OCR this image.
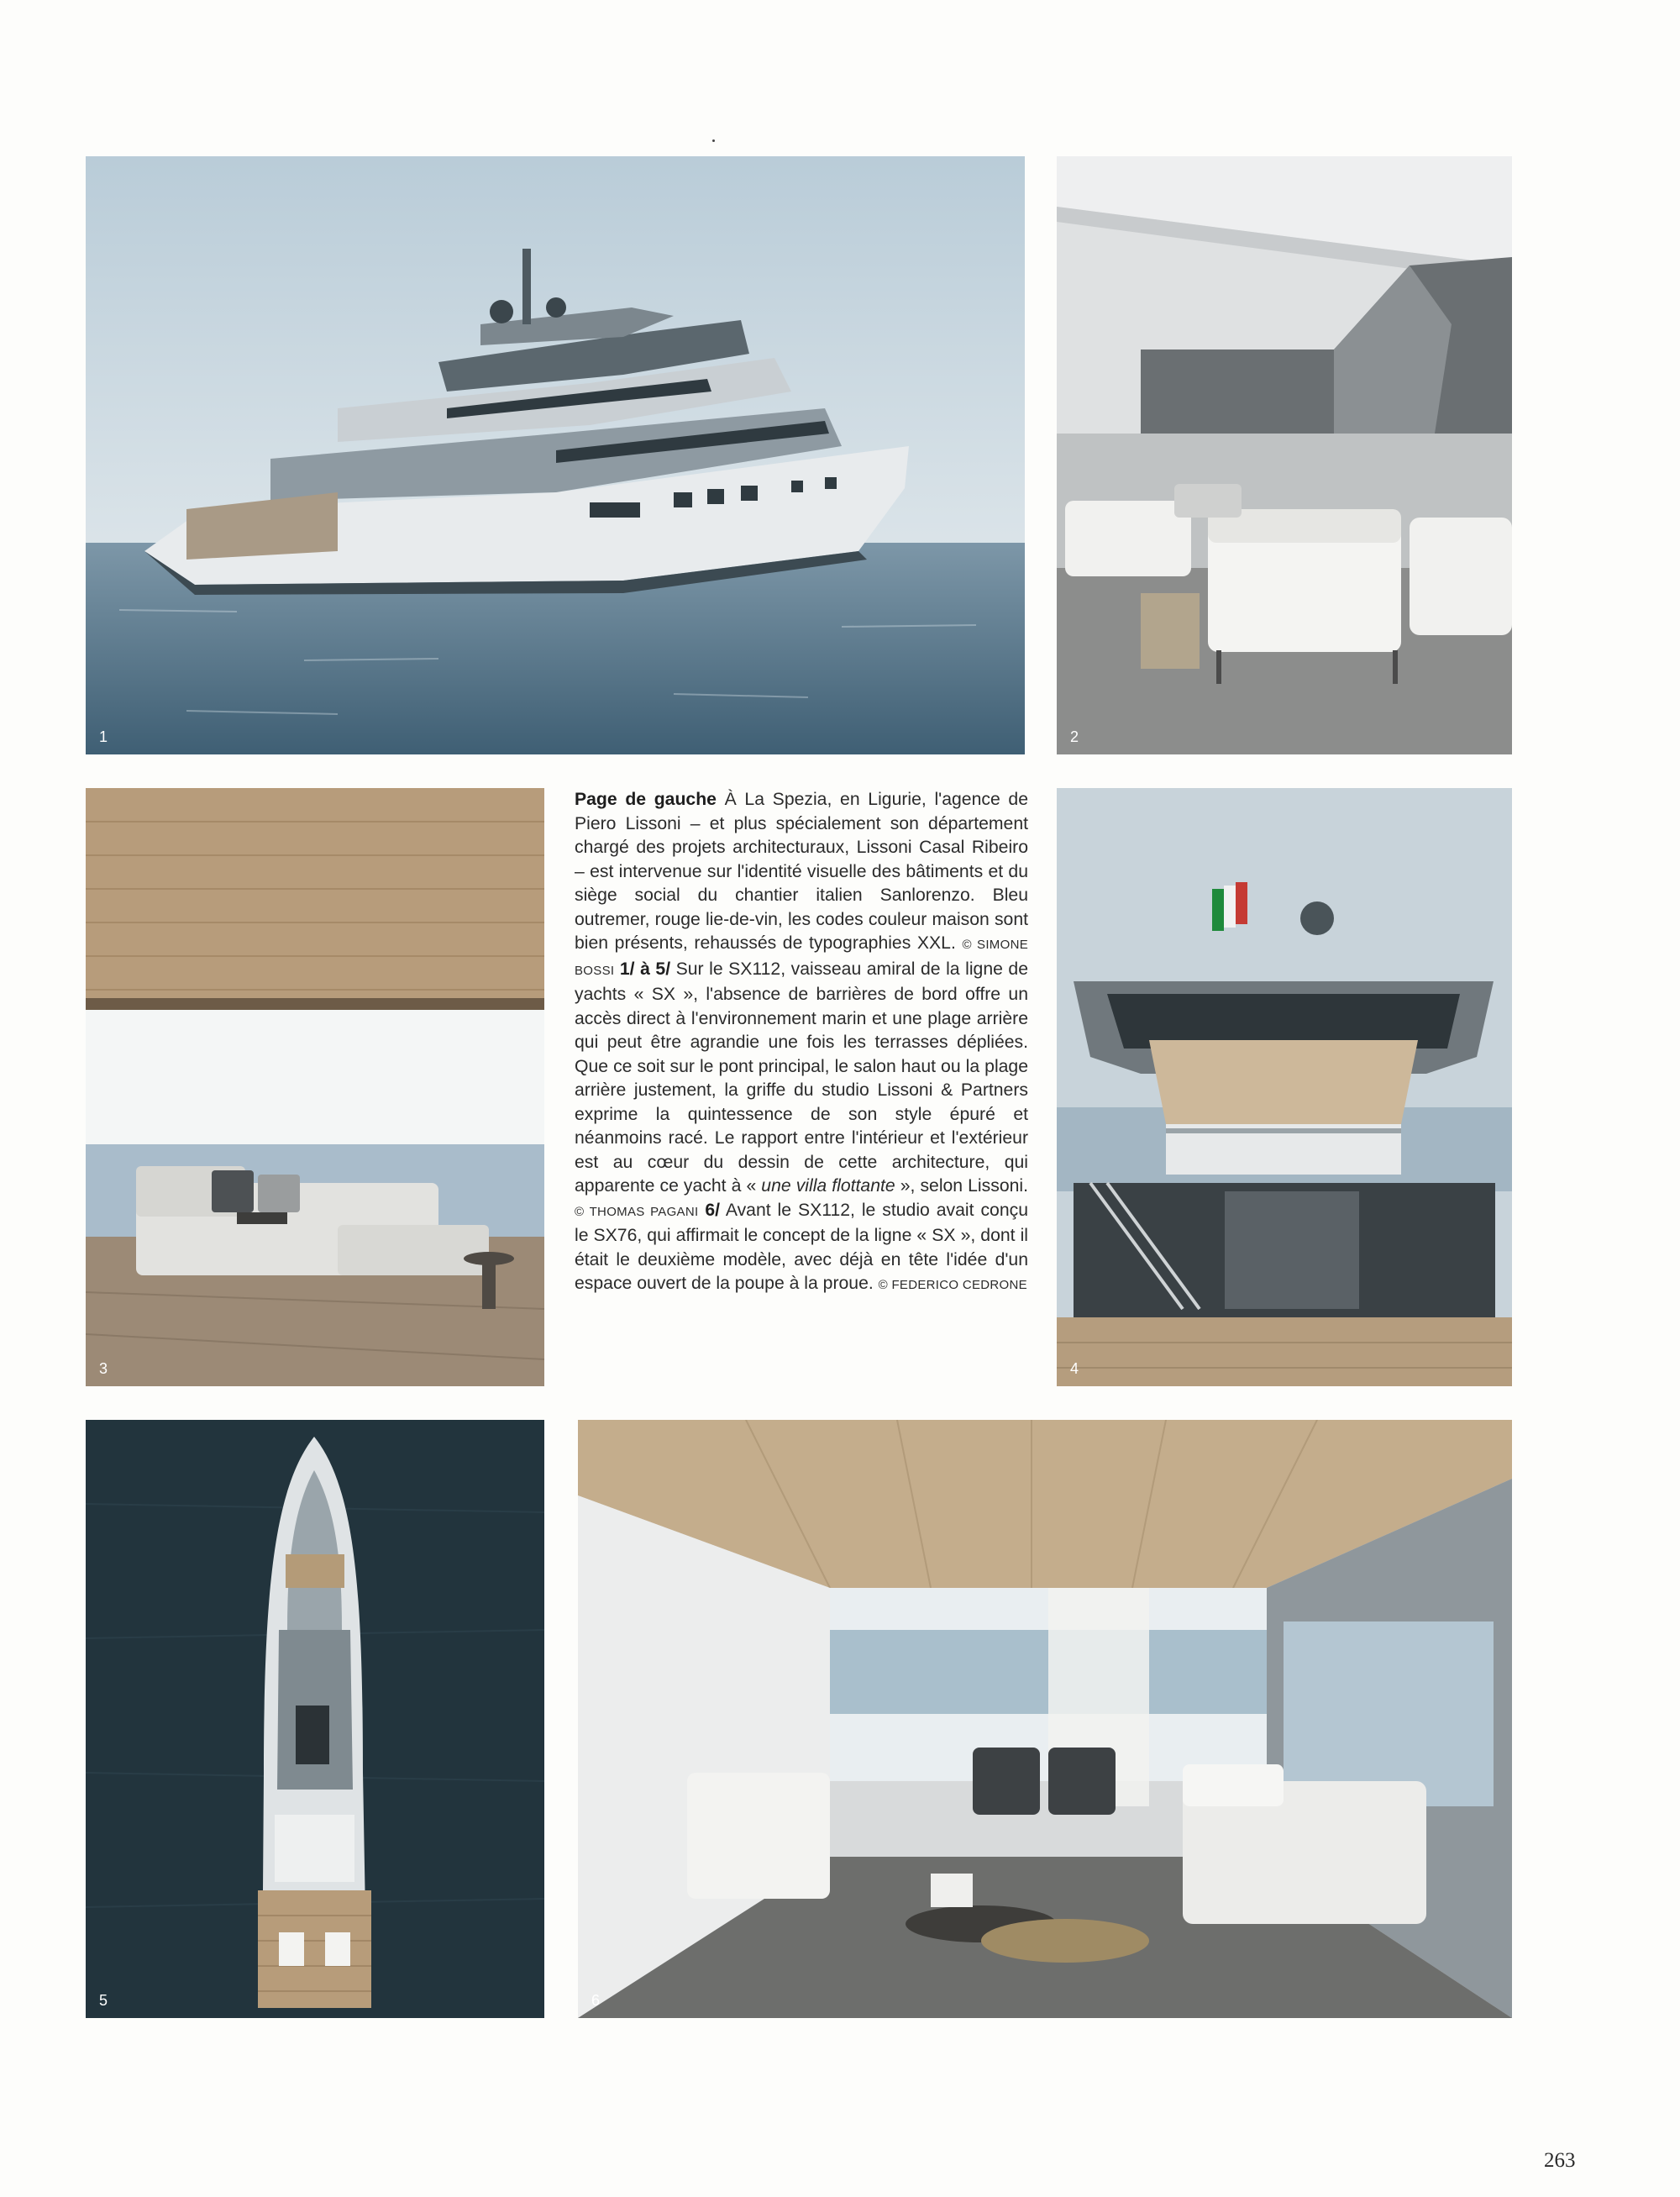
1	2
3
Page de gauche À La Spezia, en Ligurie, l'agence de Piero Lissoni – et plus spécialement son département chargé des projets architecturaux, Lissoni Casal Ribeiro – est intervenue sur l'identité visuelle des bâtiments et du siège social du chantier italien Sanlorenzo. Bleu outremer, rouge lie-de-vin, les codes couleur maison sont bien présents, rehaussés de typographies XXL. © SIMONE BOSSI 1/ à 5/ Sur le SX112, vaisseau amiral de la ligne de yachts « SX », l'absence de barrières de bord offre un accès direct à l'environnement marin et une plage arrière qui peut être agrandie une fois les terrasses dépliées. Que ce soit sur le pont principal, le salon haut ou la plage arrière justement, la griffe du studio Lissoni & Partners exprime la quintessence de son style épuré et néanmoins racé. Le rapport entre l'intérieur et l'extérieur est au cœur du dessin de cette architecture, qui apparente ce yacht à « une villa flottante », selon Lissoni. © THOMAS PAGANI 6/ Avant le SX112, le studio avait conçu le SX76, qui affirmait le concept de la ligne « SX », dont il était le deuxième modèle, avec déjà en tête l'idée d'un espace ouvert de la poupe à la proue. © FEDERICO CEDRONE
4
5	6
263
